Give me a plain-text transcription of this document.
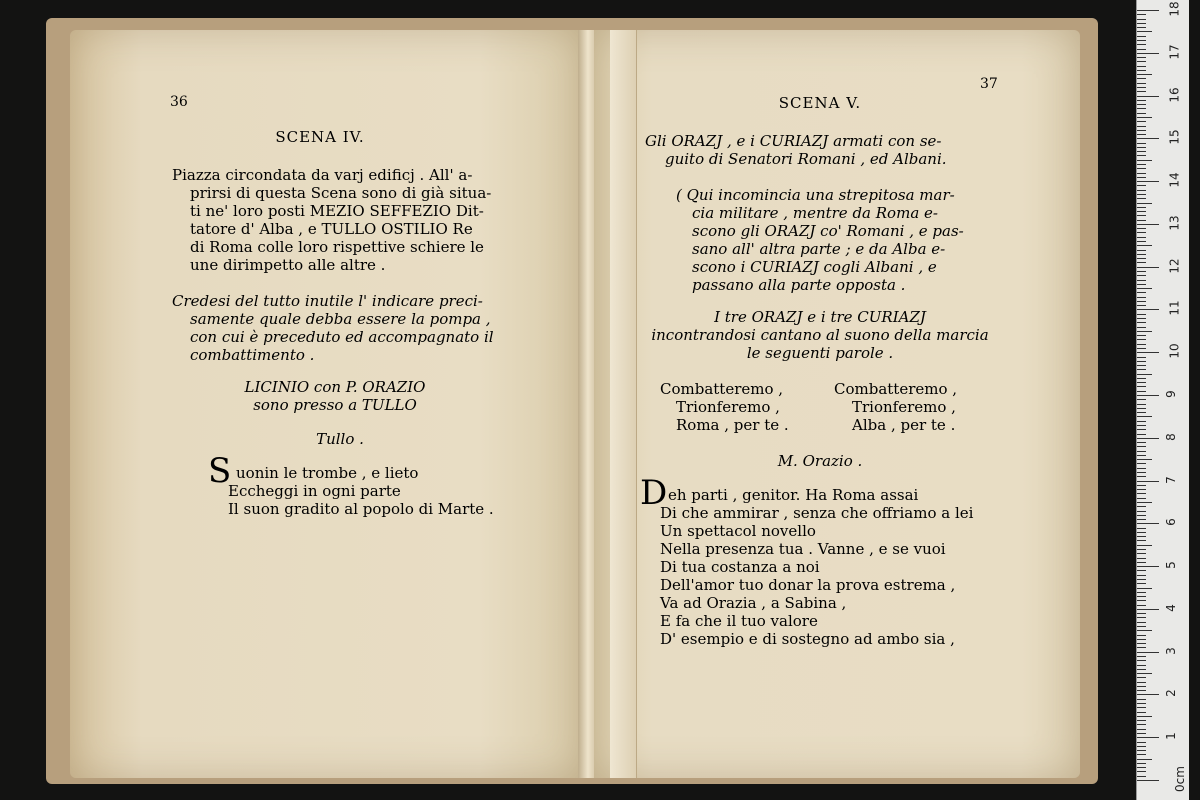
36
SCENA IV.
Piazza circondata da varj edificj . All' a-
prirsi di questa Scena sono di già situa-
ti ne' loro posti MEZIO SEFFEZIO Dit-
tatore d' Alba , e TULLO OSTILIO Re
di Roma colle loro rispettive schiere le
une dirimpetto alle altre .
Credesi del tutto inutile l' indicare preci-
samente quale debba essere la pompa ,
con cui è preceduto ed accompagnato il
combattimento .
LICINIO con P. ORAZIO
sono presso a TULLO
Tullo .
S uonin le trombe , e lieto
Eccheggi in ogni parte
Il suon gradito al popolo di Marte .
37
SCENA V.
Gli ORAZJ , e i CURIAZJ armati con se-
guito di Senatori Romani , ed Albani.
( Qui incomincia una strepitosa mar-
cia militare , mentre da Roma e-
scono gli ORAZJ co' Romani , e pas-
sano all' altra parte ; e da Alba e-
scono i CURIAZJ cogli Albani , e
passano alla parte opposta .
I tre ORAZJ e i tre CURIAZJ
incontrandosi cantano al suono della marcia
le seguenti parole .
Combatteremo ,
Trionferemo ,
Roma , per te .
Combatteremo ,
Trionferemo ,
Alba , per te .
M. Orazio .
D eh parti , genitor. Ha Roma assai
Di che ammirar , senza che offriamo a lei
Un spettacol novello
Nella presenza tua . Vanne , e se vuoi
Di tua costanza a noi
Dell'amor tuo donar la prova estrema ,
Va ad Orazia , a Sabina ,
E fa che il tuo valore
D' esempio e di sostegno ad ambo sia ,
0cm
1
2
3
4
5
6
7
8
9
10
11
12
13
14
15
16
17
18
